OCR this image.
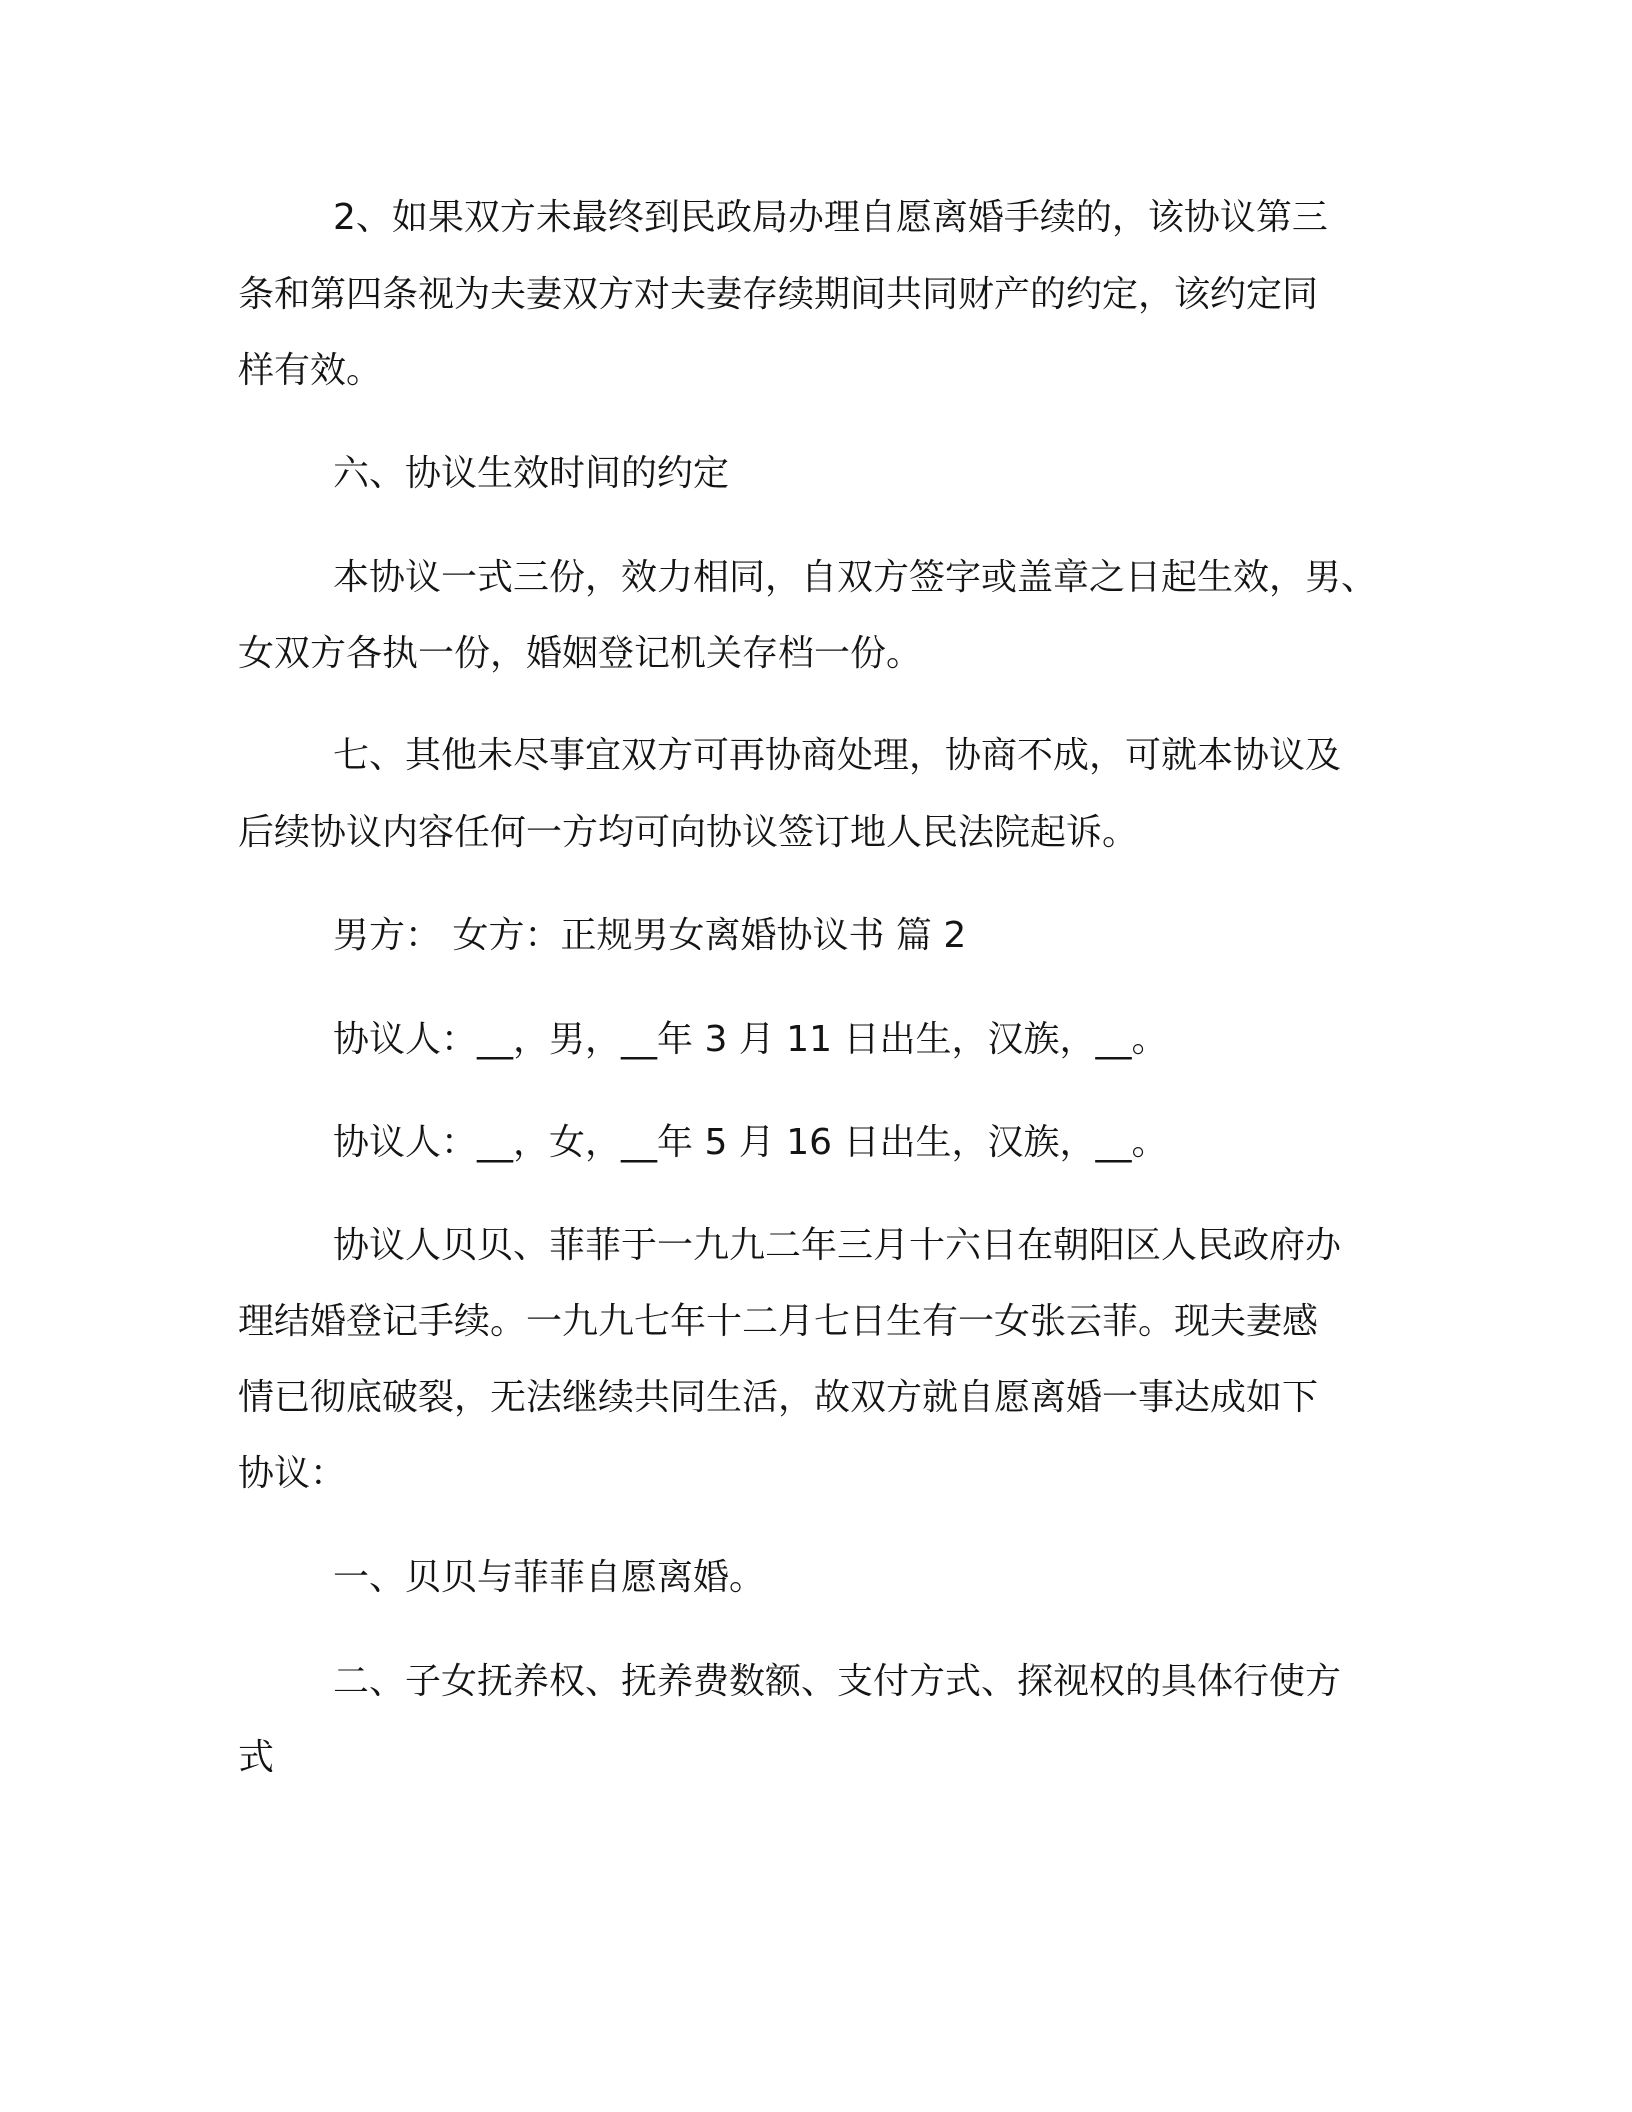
2、如果双方未最终到民政局办理自愿离婚手续的，该协议第三
条和第四条视为夫妻双方对夫妻存续期间共同财产的约定，该约定同
样有效。
六、协议生效时间的约定
本协议一式三份，效力相同，自双方签字或盖章之日起生效，男、
女双方各执一份，婚姻登记机关存档一份。
七、其他未尽事宜双方可再协商处理，协商不成，可就本协议及
后续协议内容任何一方均可向协议签订地人民法院起诉。
男方： 女方：正规男女离婚协议书 篇 2
协议人：__，男，__年 3 月 11 日出生，汉族，__。
协议人：__，女，__年 5 月 16 日出生，汉族，__。
协议人贝贝、菲菲于一九九二年三月十六日在朝阳区人民政府办
理结婚登记手续。一九九七年十二月七日生有一女张云菲。现夫妻感
情已彻底破裂，无法继续共同生活，故双方就自愿离婚一事达成如下
协议：
一、贝贝与菲菲自愿离婚。
二、子女抚养权、抚养费数额、支付方式、探视权的具体行使方
式
